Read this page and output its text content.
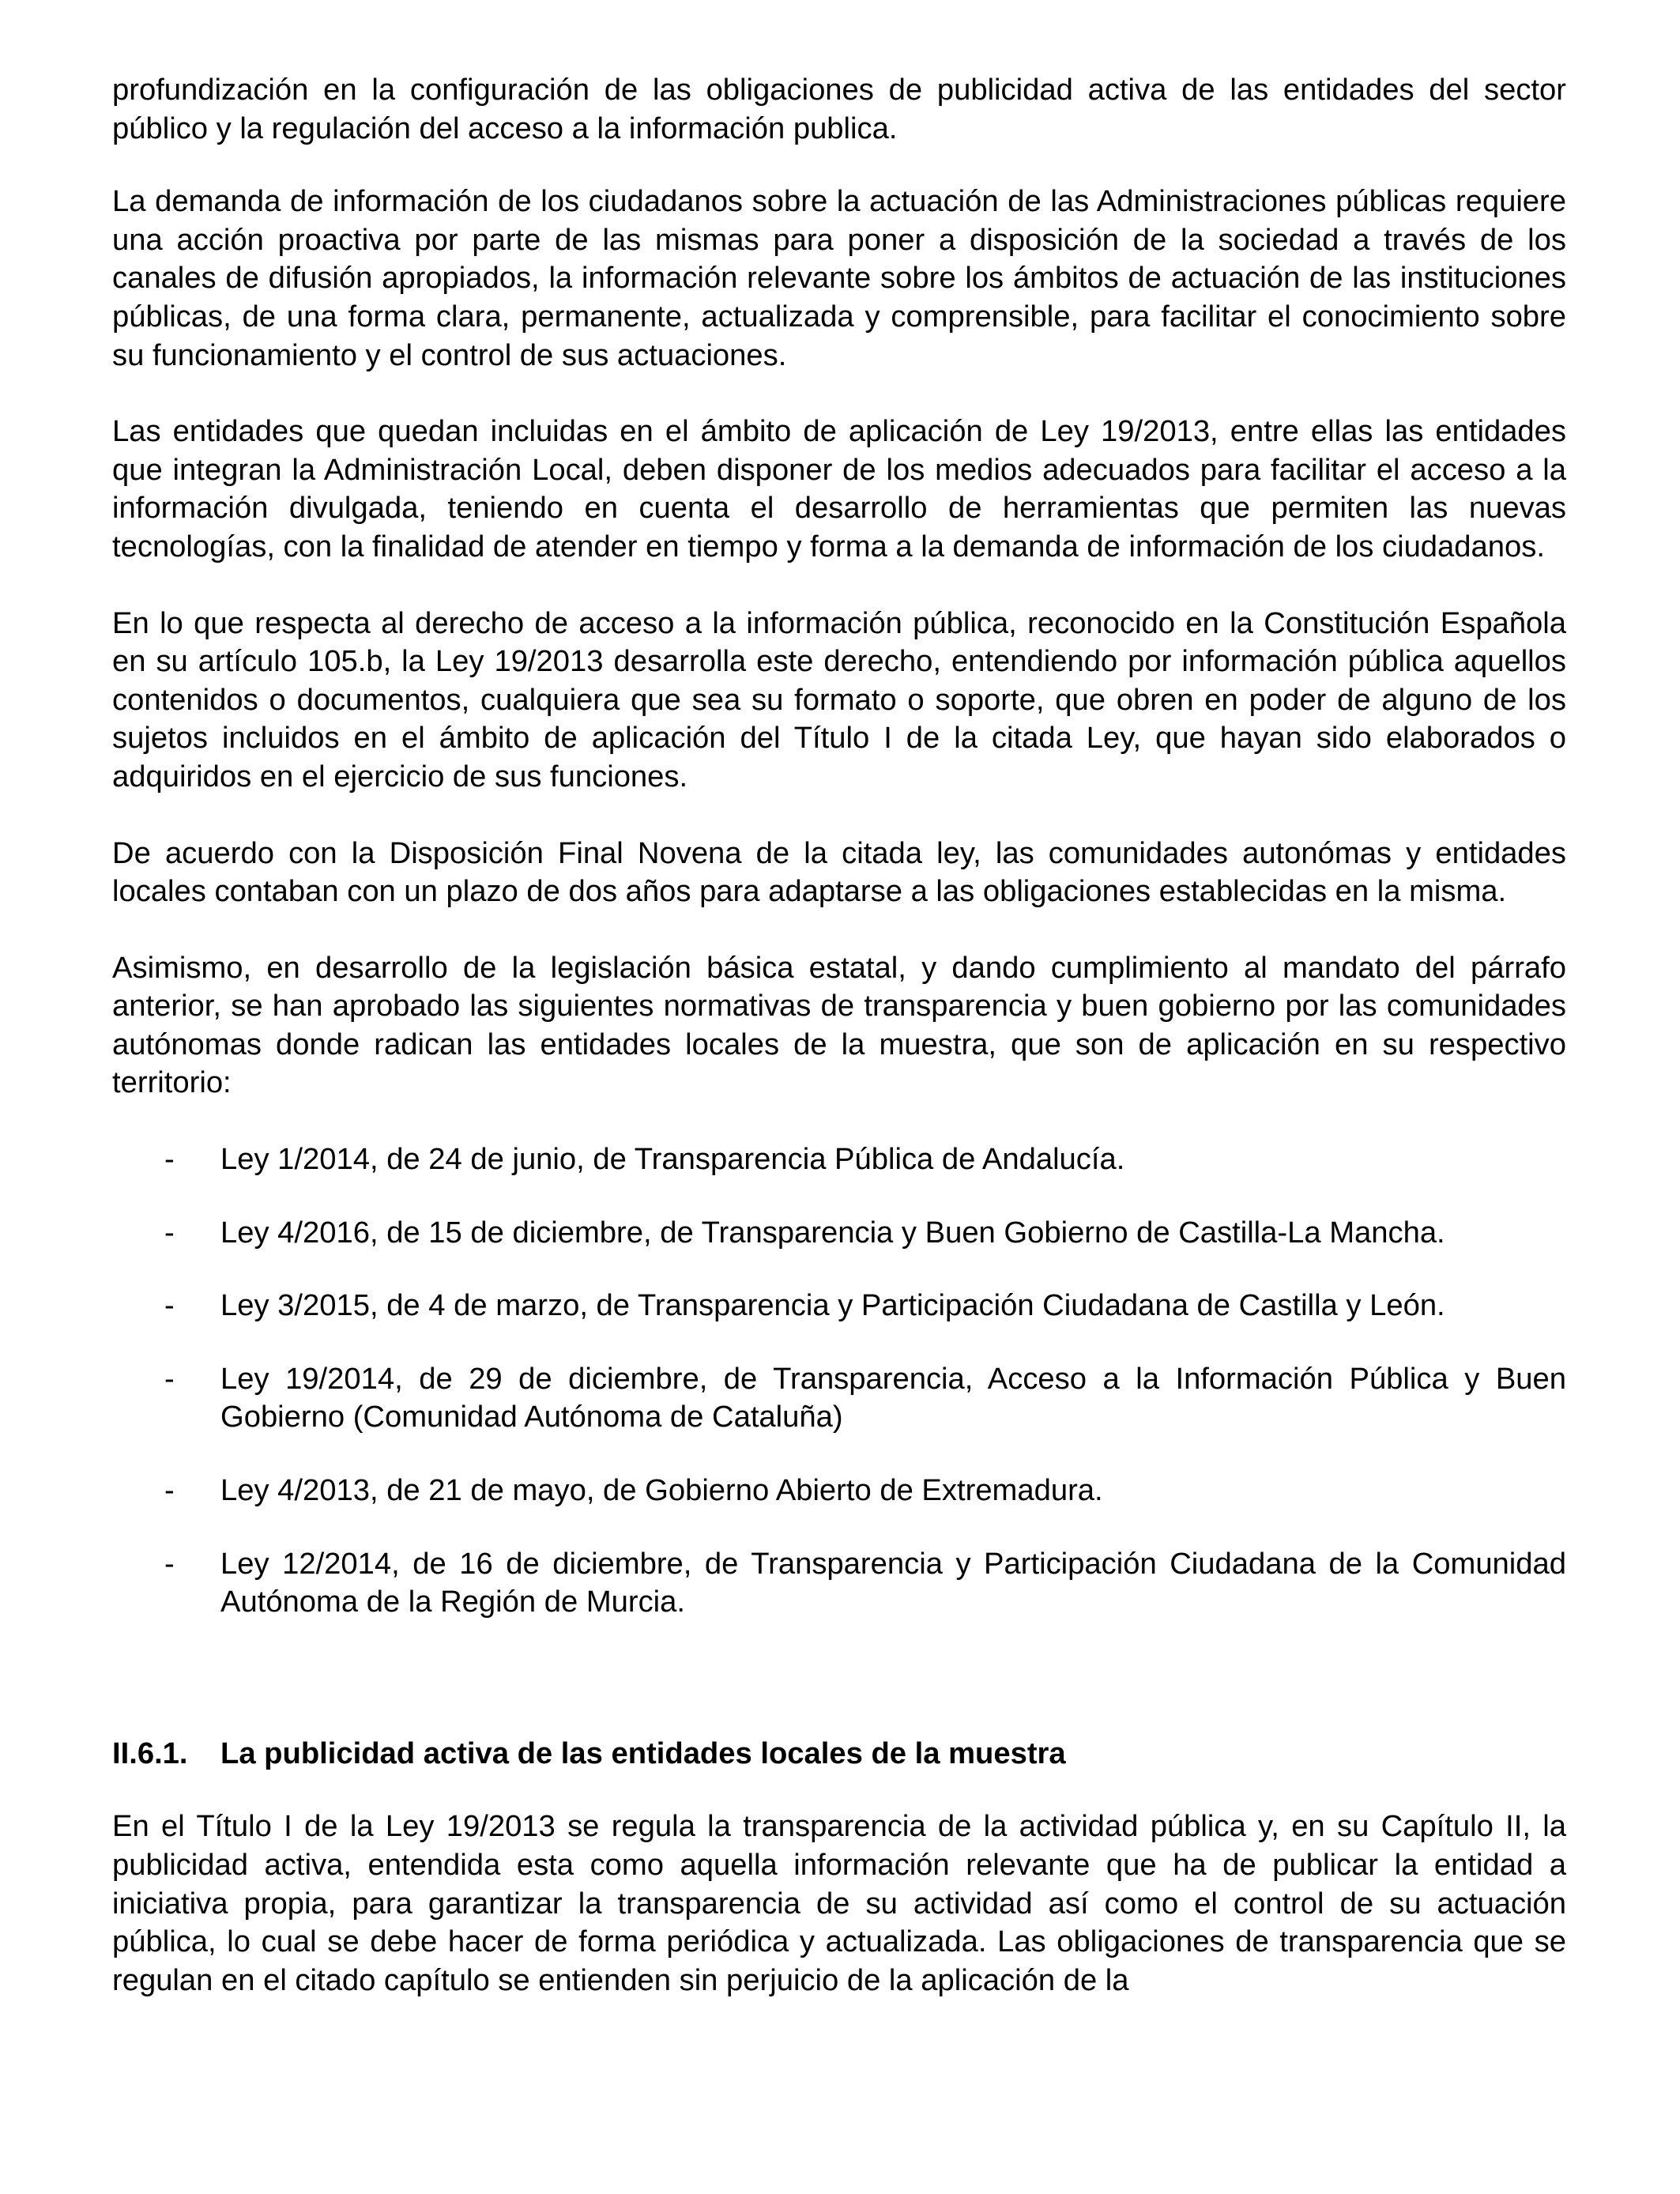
profundización en la configuración de las obligaciones de publicidad activa de las entidades del sector público y la regulación del acceso a la información publica.

La demanda de información de los ciudadanos sobre la actuación de las Administraciones públicas requiere una acción proactiva por parte de las mismas para poner a disposición de la sociedad a través de los canales de difusión apropiados, la información relevante sobre los ámbitos de actuación de las instituciones públicas, de una forma clara, permanente, actualizada y comprensible, para facilitar el conocimiento sobre su funcionamiento y el control de sus actuaciones.

Las entidades que quedan incluidas en el ámbito de aplicación de Ley 19/2013, entre ellas las entidades que integran la Administración Local, deben disponer de los medios adecuados para facilitar el acceso a la información divulgada, teniendo en cuenta el desarrollo de herramientas que permiten las nuevas tecnologías, con la finalidad de atender en tiempo y forma a la demanda de información de los ciudadanos.

En lo que respecta al derecho de acceso a la información pública, reconocido en la Constitución Española en su artículo 105.b, la Ley 19/2013 desarrolla este derecho, entendiendo por información pública aquellos contenidos o documentos, cualquiera que sea su formato o soporte, que obren en poder de alguno de los sujetos incluidos en el ámbito de aplicación del Título I de la citada Ley, que hayan sido elaborados o adquiridos en el ejercicio de sus funciones.

De acuerdo con la Disposición Final Novena de la citada ley, las comunidades autonómas y entidades locales contaban con un plazo de dos años para adaptarse a las obligaciones establecidas en la misma.

Asimismo, en desarrollo de la legislación básica estatal, y dando cumplimiento al mandato del párrafo anterior, se han aprobado las siguientes normativas de transparencia y buen gobierno por las comunidades autónomas donde radican las entidades locales de la muestra, que son de aplicación en su respectivo territorio:

- Ley 1/2014, de 24 de junio, de Transparencia Pública de Andalucía.
- Ley 4/2016, de 15 de diciembre, de Transparencia y Buen Gobierno de Castilla-La Mancha.
- Ley 3/2015, de 4 de marzo, de Transparencia y Participación Ciudadana de Castilla y León.
- Ley 19/2014, de 29 de diciembre, de Transparencia, Acceso a la Información Pública y Buen Gobierno (Comunidad Autónoma de Cataluña)
- Ley 4/2013, de 21 de mayo, de Gobierno Abierto de Extremadura.
- Ley 12/2014, de 16 de diciembre, de Transparencia y Participación Ciudadana de la Comunidad Autónoma de la Región de Murcia.
II.6.1. La publicidad activa de las entidades locales de la muestra

En el Título I de la Ley 19/2013 se regula la transparencia de la actividad pública y, en su Capítulo II, la publicidad activa, entendida esta como aquella información relevante que ha de publicar la entidad a iniciativa propia, para garantizar la transparencia de su actividad así como el control de su actuación pública, lo cual se debe hacer de forma periódica y actualizada. Las obligaciones de transparencia que se regulan en el citado capítulo se entienden sin perjuicio de la aplicación de la
